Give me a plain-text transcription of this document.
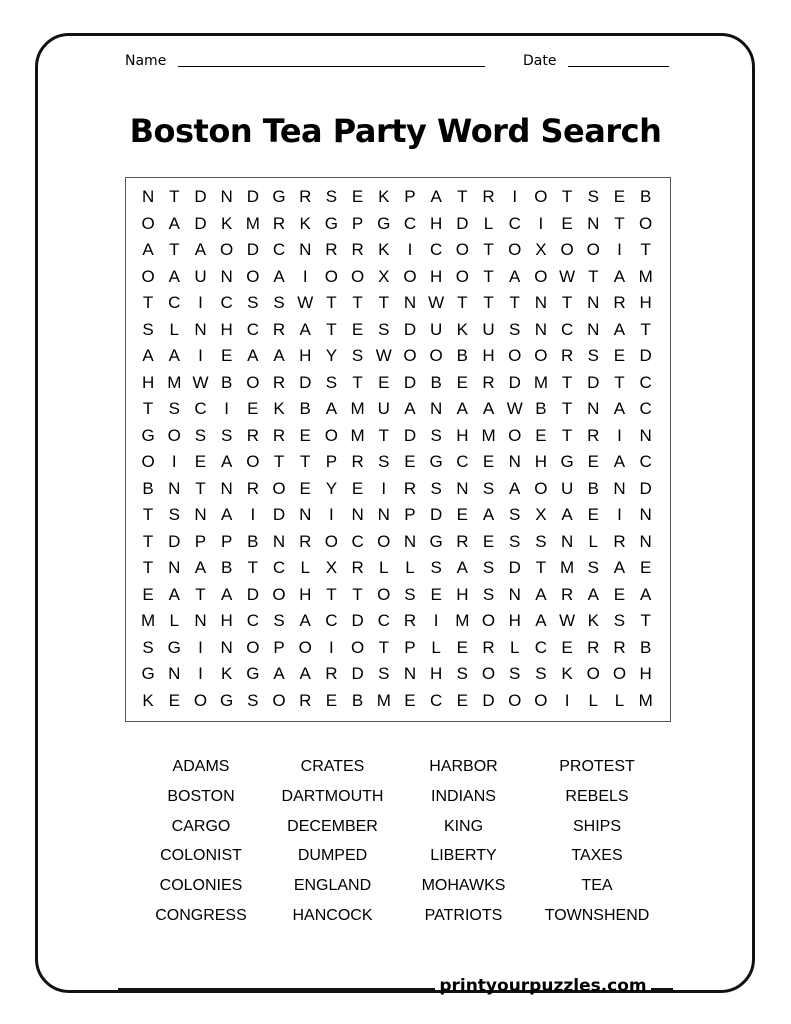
Name	Date
Boston Tea Party Word Search
N T D N D G R S E K P A T R	I	O T S E B
O A D K M R K G P G C H D L C	I	E N T O
A T A O D C N R R K	I	C O T O X O O	I	T
O A U N O A	I	O O X O H O T A O W T A M
T C	I	C S S W T T T N W T T T N T N R H
S L N H C R A T E S D U K U S N C N A T
A A	I	E A A H Y S W O O B H O O R S E D
H M W B O R D S T E D B E R D M T D T C
T S C	I	E K B A M U A N A A W B T N A C
G O S S R R E O M T D S H M O E T R	I	N
O	I	E A O T T P R S E G C E N H G E A C
B N T N R O E Y E	I	R S N S A O U B N D
T S N A	I	D N	I	N N P D E A S X A E	I	N
T D P P B N R O C O N G R E S S N L R N
T N A B T C L X R L L S A S D T M S A E
E A T A D O H T T O S E H S N A R A E A
M L N H C S A C D C R	I M O H A W K S T
S G	I	N O P O	I	O T P L E R L C E R R B
G N	I	K G A A R D S N H S O S S K O O H
K E O G S O R E B M E C E D O O	I	L L M
ADAMS	CRATES	HARBOR	PROTEST
BOSTON	DARTMOUTH	INDIANS	REBELS
CARGO	DECEMBER	KING	SHIPS
COLONIST	DUMPED	LIBERTY	TAXES
COLONIES	ENGLAND	MOHAWKS	TEA
CONGRESS	HANCOCK	PATRIOTS	TOWNSHEND
printyourpuzzles.com
